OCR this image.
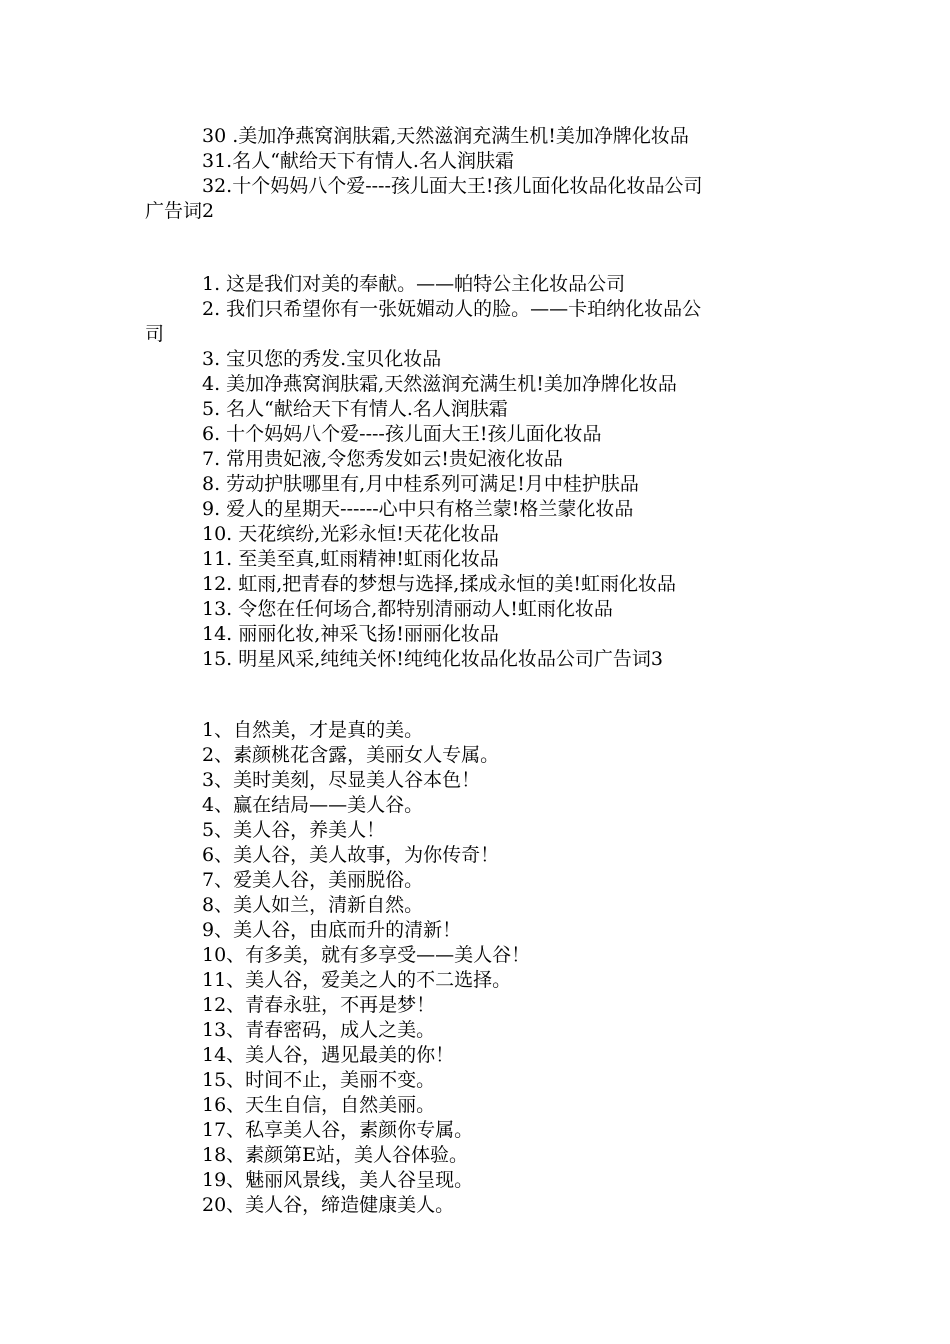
30 .美加净燕窝润肤霜,天然滋润充满生机!美加净牌化妆品

31.名人“献给天下有情人.名人润肤霜

32.十个妈妈八个爱----孩儿面大王!孩儿面化妆品化妆品公司

广告词2

1. 这是我们对美的奉献。——帕特公主化妆品公司

2. 我们只希望你有一张妩媚动人的脸。——卡珀纳化妆品公

司

3. 宝贝您的秀发.宝贝化妆品

4. 美加净燕窝润肤霜,天然滋润充满生机!美加净牌化妆品

5. 名人“献给天下有情人.名人润肤霜

6. 十个妈妈八个爱----孩儿面大王!孩儿面化妆品

7. 常用贵妃液,令您秀发如云!贵妃液化妆品

8. 劳动护肤哪里有,月中桂系列可满足!月中桂护肤品

9. 爱人的星期天------心中只有格兰蒙!格兰蒙化妆品

10. 天花缤纷,光彩永恒!天花化妆品

11. 至美至真,虹雨精神!虹雨化妆品

12. 虹雨,把青春的梦想与选择,揉成永恒的美!虹雨化妆品

13. 令您在任何场合,都特别清丽动人!虹雨化妆品

14. 丽丽化妆,神采飞扬!丽丽化妆品

15. 明星风采,纯纯关怀!纯纯化妆品化妆品公司广告词3

1、自然美，才是真的美。

2、素颜桃花含露，美丽女人专属。

3、美时美刻，尽显美人谷本色！

4、赢在结局——美人谷。

5、美人谷，养美人！

6、美人谷，美人故事，为你传奇！

7、爱美人谷，美丽脱俗。

8、美人如兰，清新自然。

9、美人谷，由底而升的清新！

10、有多美，就有多享受——美人谷！

11、美人谷，爱美之人的不二选择。

12、青春永驻，不再是梦！

13、青春密码，成人之美。

14、美人谷，遇见最美的你！

15、时间不止，美丽不变。

16、天生自信，自然美丽。

17、私享美人谷，素颜你专属。

18、素颜第E站，美人谷体验。

19、魅丽风景线，美人谷呈现。

20、美人谷，缔造健康美人。
